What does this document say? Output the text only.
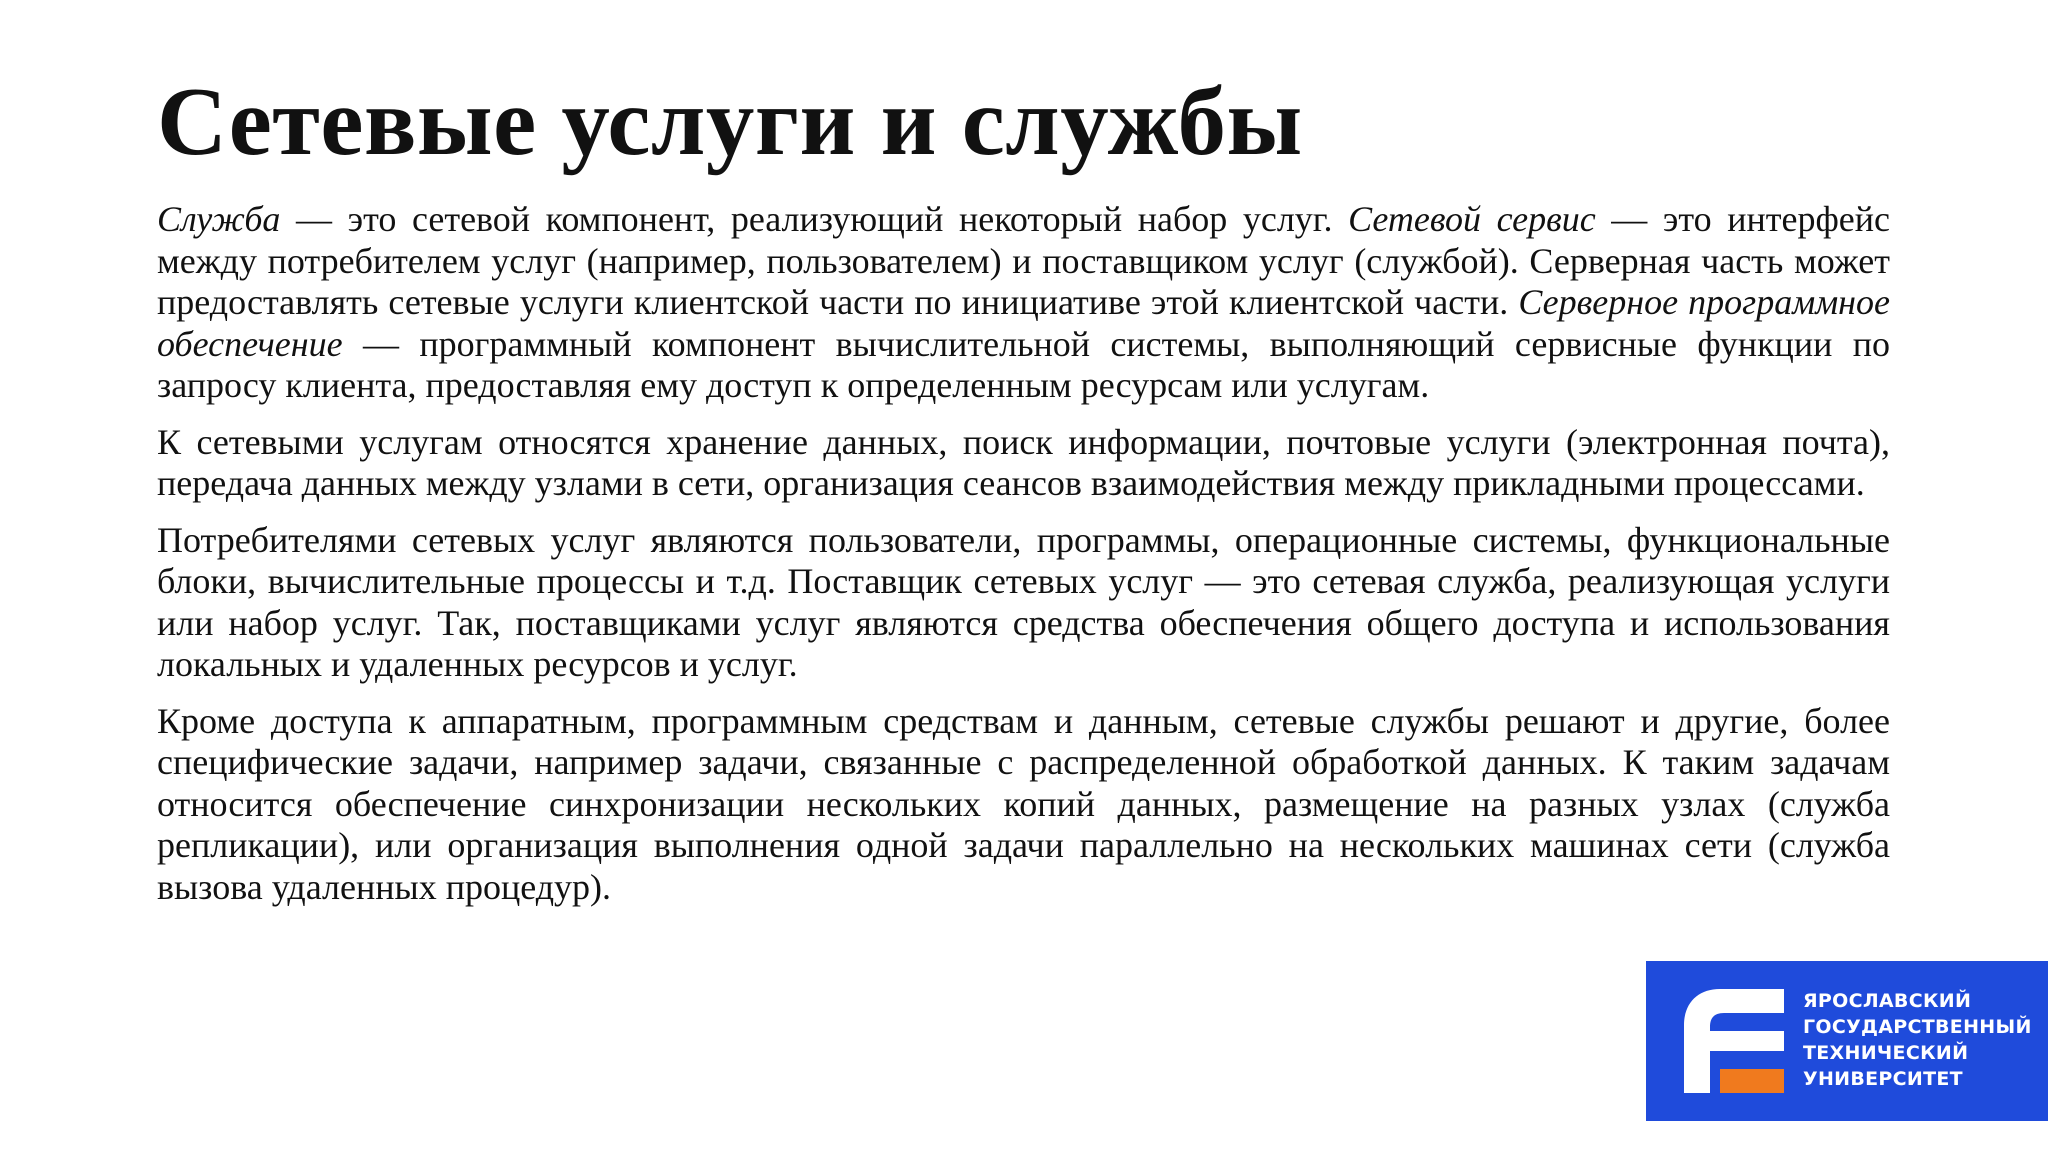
Сетевые услуги и службы

Служба — это сетевой компонент, реализующий некоторый набор услуг. Сетевой сервис — это интерфейс между потребителем услуг (например, пользователем) и поставщиком услуг (службой). Серверная часть может предоставлять сетевые услуги клиентской части по инициативе этой клиентской части. Серверное программное обеспечение — программный компонент вычислительной системы, выполняющий сервисные функции по запросу клиента, предоставляя ему доступ к определенным ресурсам или услугам.

К сетевыми услугам относятся хранение данных, поиск информации, почтовые услуги (электронная почта), передача данных между узлами в сети, организация сеансов взаимодействия между прикладными процессами.

Потребителями сетевых услуг являются пользователи, программы, операционные системы, функциональные блоки, вычислительные процессы и т.д. Поставщик сетевых услуг — это сетевая служба, реализующая услуги или набор услуг. Так, поставщиками услуг являются средства обеспечения общего доступа и использования локальных и удаленных ресурсов и услуг.

Кроме доступа к аппаратным, программным средствам и данным, сетевые службы решают и другие, более специфические задачи, например задачи, связанные с распределенной обработкой данных. К таким задачам относится обеспечение синхронизации нескольких копий данных, размещение на разных узлах (служба репликации), или организация выполнения одной задачи параллельно на нескольких машинах сети (служба вызова удаленных процедур).

ЯРОСЛАВСКИЙ
ГОСУДАРСТВЕННЫЙ
ТЕХНИЧЕСКИЙ
УНИВЕРСИТЕТ
